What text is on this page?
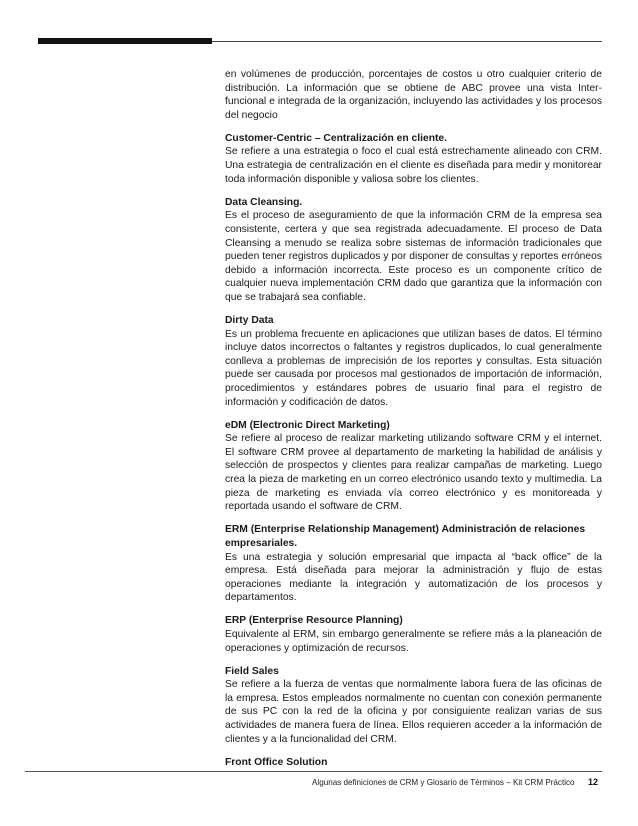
en volúmenes de producción, porcentajes de costos u otro cualquier criterio de distribución. La información que se obtiene de ABC provee una vista Inter-funcional e integrada de la organización, incluyendo las actividades y los procesos del negocio
Customer-Centric – Centralización en cliente.
Se refiere a una estrategia o foco el cual está estrechamente alineado con CRM. Una estrategia de centralización en el cliente es diseñada para medir y monitorear toda información disponible y valiosa sobre los clientes.
Data Cleansing.
Es el proceso de aseguramiento de que la información CRM de la empresa sea consistente, certera y que sea registrada adecuadamente. El proceso de Data Cleansing a menudo se realiza sobre sistemas de información tradicionales que pueden tener registros duplicados y por disponer de consultas y reportes erróneos debido a información incorrecta. Este proceso es un componente crítico de cualquier nueva implementación CRM dado que garantiza que la información con que se trabajará sea confiable.
Dirty Data
Es un problema frecuente en aplicaciones que utilizan bases de datos. El término incluye datos incorrectos o faltantes y registros duplicados, lo cual generalmente conlleva a problemas de imprecisión de los reportes y consultas. Esta situación puede ser causada por procesos mal gestionados de importación de información, procedimientos y estándares pobres de usuario final para el registro de información y codificación de datos.
eDM (Electronic Direct Marketing)
Se refiere al proceso de realizar marketing utilizando software CRM y el internet. El software CRM provee al departamento de marketing la habilidad de análisis y selección de prospectos y clientes para realizar campañas de marketing. Luego crea la pieza de marketing en un correo electrónico usando texto y multimedia. La pieza de marketing es enviada vía correo electrónico y es monitoreada y reportada usando el software de CRM.
ERM (Enterprise Relationship Management) Administración de relaciones empresariales.
Es una estrategia y solución empresarial que impacta al “back office” de la empresa. Está diseñada para mejorar la administración y flujo de estas operaciones mediante la integración y automatización de los procesos y departamentos.
ERP (Enterprise Resource Planning)
Equivalente al ERM, sin embargo generalmente se refiere más a la planeación de operaciones y optimización de recursos.
Field Sales
Se refiere a la fuerza de ventas que normalmente labora fuera de las oficinas de la empresa. Estos empleados normalmente no cuentan con conexión permanente de sus PC con la red de la oficina y por consiguiente realizan varias de sus actividades de manera fuera de línea. Ellos requieren acceder a la información de clientes y a la funcionalidad del CRM.
Front Office Solution
Algunas definiciones de CRM y Glosario de Términos – Kit CRM Práctico 12
